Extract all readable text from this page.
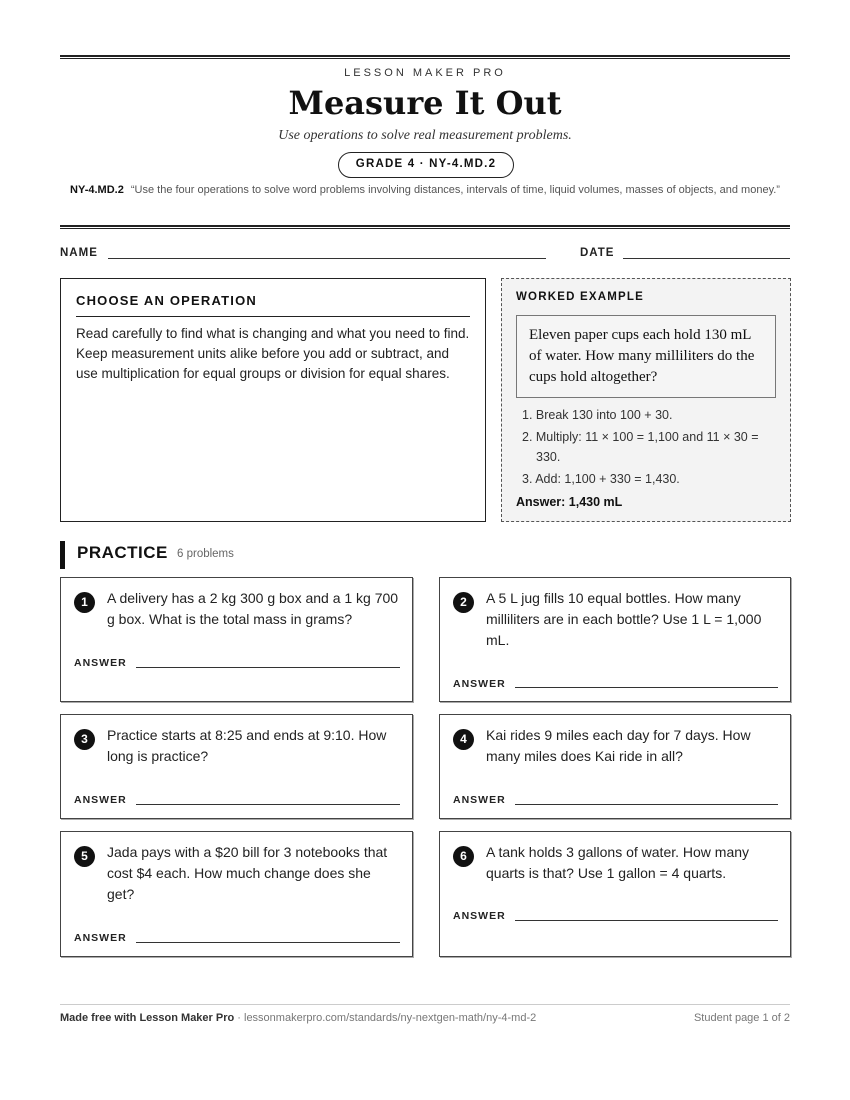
LESSON MAKER PRO
Measure It Out
Use operations to solve real measurement problems.
GRADE 4 · NY-4.MD.2
NY-4.MD.2 “Use the four operations to solve word problems involving distances, intervals of time, liquid volumes, masses of objects, and money.”
NAME	DATE
CHOOSE AN OPERATION
Read carefully to find what is changing and what you need to find. Keep measurement units alike before you add or subtract, and use multiplication for equal groups or division for equal shares.
WORKED EXAMPLE
Eleven paper cups each hold 130 mL of water. How many milliliters do the cups hold altogether?
1. Break 130 into 100 + 30.
2. Multiply: 11 × 100 = 1,100 and 11 × 30 = 330.
3. Add: 1,100 + 330 = 1,430.
Answer: 1,430 mL
PRACTICE 6 problems
1	A delivery has a 2 kg 300 g box and a 1 kg 700 g box. What is the total mass in grams?
ANSWER
2	A 5 L jug fills 10 equal bottles. How many milliliters are in each bottle? Use 1 L = 1,000 mL.
ANSWER
3	Practice starts at 8:25 and ends at 9:10. How long is practice?
ANSWER
4	Kai rides 9 miles each day for 7 days. How many miles does Kai ride in all?
ANSWER
5	Jada pays with a $20 bill for 3 notebooks that cost $4 each. How much change does she get?
ANSWER
6	A tank holds 3 gallons of water. How many quarts is that? Use 1 gallon = 4 quarts.
ANSWER
Made free with Lesson Maker Pro · lessonmakerpro.com/standards/ny-nextgen-math/ny-4-md-2	Student page 1 of 2
